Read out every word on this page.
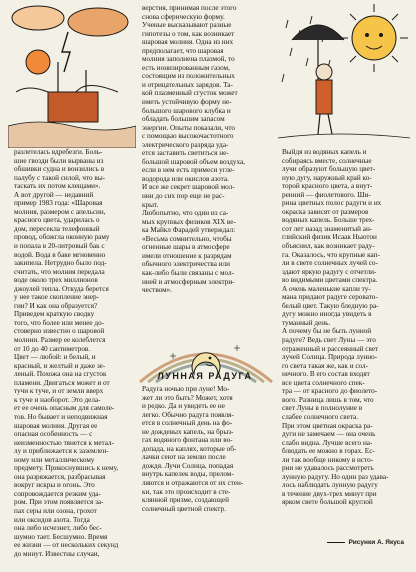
разлетелась вдребезги. Боль-
шие гвозди были вырваны из
обшивки судна и вонзились в
палубу с такой силой, что вы-
таскать их потом клещами».
А вот другой — недавний
пример 1983 года: «Шаровая
молния, размером с апельсин,
красного цвета, ударилась о
дом, пересекла телефонный
провод, обожгла оконную раму
и попала в 20-литровый бак с
водой. Вода в баке мгновенно
закипела. Нетрудно было под-
считать, что молния передала
воде около трех миллионов
джоулей тепла. Откуда берется
у нее такое скопление энер-
гии? И как она образуется?
Приведем краткую сводку
того, что более или менее до-
стоверно известно о шаровой
молнии. Размер ее колеблется
от 10 до 40 сантиметров.
Цвет — любой: и белый, и
красный, и желтый и даже зе-
леный. Похожа она на сгусток
пламени. Двигаться может и от
тучи к туче, и от земли вверх
к туче и наоборот. Это дела-
ет ее очень опасным для самоле-
тов. Но бывает и неподвижная
шаровая молния. Другая ее
опасная особенность — с
неизменностью тянется к метал-
лу и приближается к заземлен-
ному или металлическому
предмету. Прикоснувшись к нему,
она разряжается, разбрасывая
вокруг искры и огонь. Это
сопровождается резким уда-
ром. При этом появляется за-
пах серы или озона, грохот
или оксидов азота. Тогда
она либо исчезнет, либо бес-
шумно тает. Бесшумно. Время
ее жизни — от нескольких секунд
до минут. Известны случаи,
верстия, принимая после этого
снова сферическую форму.
Ученые высказывают разные
гипотезы о том, как возникает
шаровая молния. Одна из них
предполагает, что шаровая
молния заполнена плазмой, то
есть ионизированным газом,
состоящим из положительных
и отрицательных зарядов. Та-
кой плазменный сгусток может
иметь устойчивую форму не-
большого шарового клубка и
обладать большим запасом
энергии. Опыты показали, что
с помощью высокочастотного
электрического разряда уда-
ется заставить светиться не-
большой шаровой объем воздуха,
если в нем есть примеси угле-
водорода или окислов азота.
И все же секрет шаровой мол-
нии до сих пор еще не рас-
крыт.
Любопытно, что один из са-
мых крупных физиков XIX ве-
ка Майкл Фарадей утверждал:
«Весьма сомнительно, чтобы
огненные шары в атмосфере
имели отношение к разрядам
обычного электричества или
как-либо были связаны с мол-
нией и атмосферным электри-
чеством».
ЛУННАЯ РАДУГА
Радуга ночью при луне! Мо-
жет ли это быть? Может, хотя
и редко. Да и увидеть ее не
легко. Обычно радуга появля-
ется в солнечный день на фо-
не дождевых капель, на брыз-
гах водяного фонтана или во-
допада, на каплях, которые об-
лачки сеют на землю после
дождя. Лучи Солнца, попадая
внутрь капелек воды, прелом-
ляются и отражаются от их стен-
ки, так это происходит в сте-
клянной призме, создающей
солнечный цветной спектр.
Выйдя из водяных капель и
собираясь вместе, солнечные
лучи образуют большую цвет-
ную дугу, наружный край ко-
торой красного цвета, а внут-
ренний — фиолетового. Ши-
рина цветных полос радуги и их
окраска зависят от размеров
водяных капель. Больше трех-
сот лет назад знаменитый ан-
глийский физик Исаак Ньютон
объяснил, как возникает раду-
га. Оказалось, что крупные кап-
ли в свете солнечных лучей со-
здают яркую радугу с отчетли-
во видимыми цветами спектра.
А очень маленькие капли ту-
мана придают радуге серовато-
белый цвет. Такую бледную ра-
дугу можно иногда увидеть в
туманный день.
А почему бы не быть лунной
радуге? Ведь свет Луны — это
отраженный и рассеянный свет
лучей Солнца. Природа лунно-
го света такая же, как и сол-
нечного. В его состав входят
все цвета солнечного спек-
тра — от красного до фиолето-
вого. Разница лишь в том, что
свет Луны в полнолуние в
слабее солнечного света.
При этом цветная окраска ра-
дуги не замечаем — она очень
слабо видна. Лучше всего на-
блюдать ее можно в горах. Ес-
ли так вообще никому в исто-
рии не удавалось рассмотреть
лунную радугу. Но один раз удава-
лось наблюдать лунную радугу
в течение двух-трех минут при
ярком свете большой круглой
Рисунки А. Якуса
